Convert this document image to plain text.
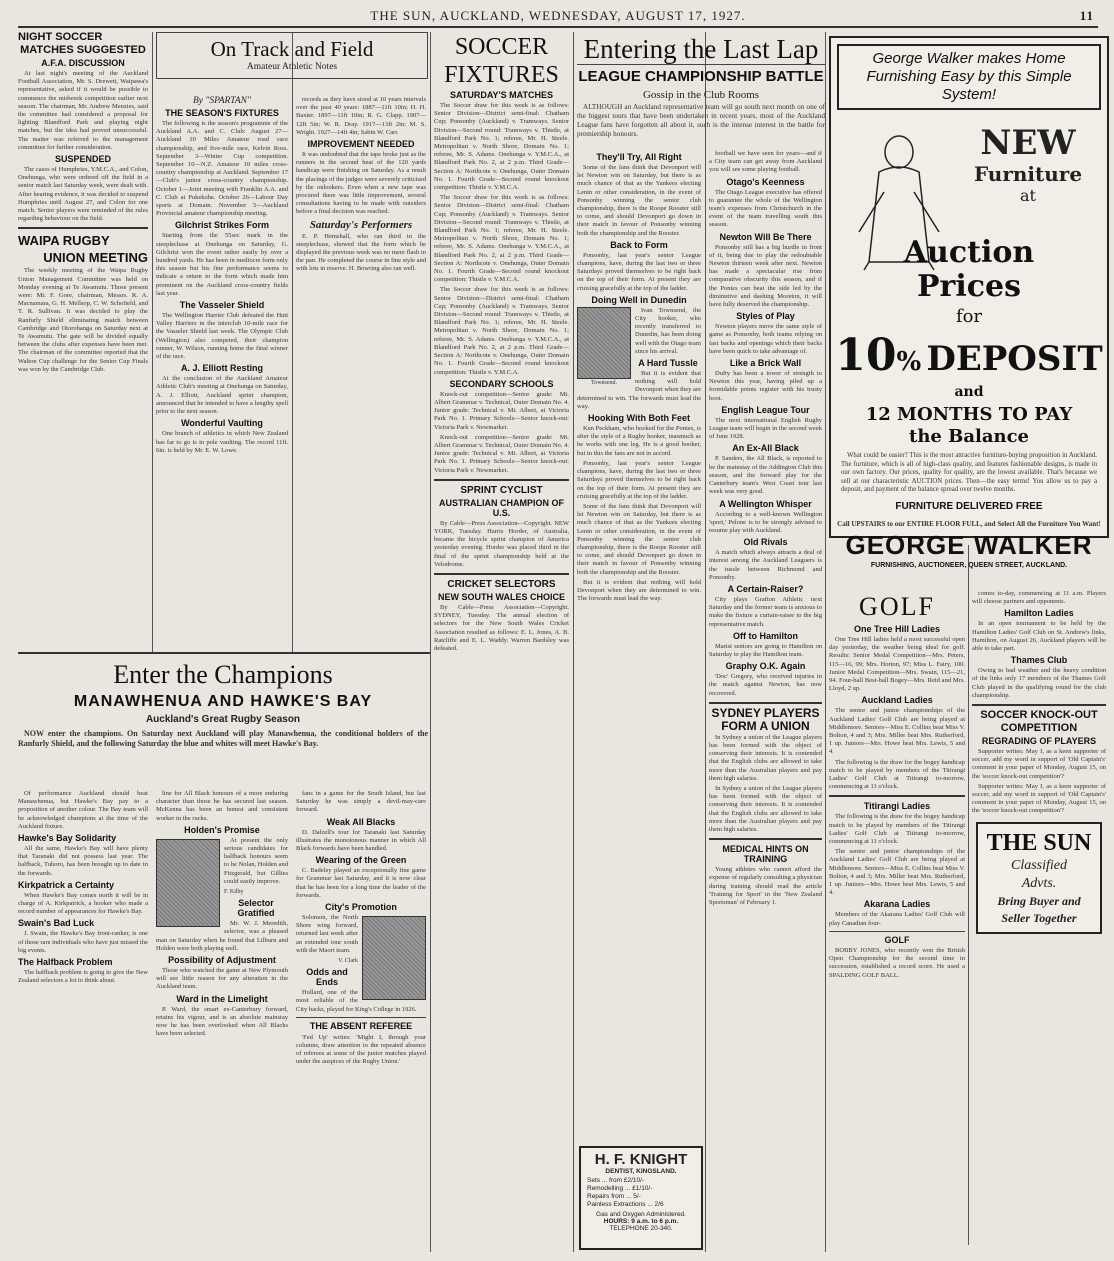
THE SUN, AUCKLAND, WEDNESDAY, AUGUST 17, 1927.	11
NIGHT SOCCER
MATCHES SUGGESTED
A.F.A. DISCUSSION

At last night's meeting of the Auckland Football Association, Mr. S. Drewett, Waipawa's representative, asked if it would be possible to commence the midweek competition earlier next season. The chairman, Mr. Andrew Menzies, said the committee had considered a proposal for lighting Blandford Park and playing night matches, but the idea had proved unsuccessful. The matter was referred to the management committee for further consideration.

SUSPENDED

The cases of Humphries, Y.M.C.A., and Colon, Onehunga, who were ordered off the field in a senior match last Saturday week, were dealt with. After hearing evidence, it was decided to suspend Humphries until August 27, and Colon for one match. Senior players were reminded of the rules regarding behaviour on the field.

WAIPA RUGBY
UNION MEETING

The weekly meeting of the Waipa Rugby Union Management Committee was held on Monday evening at Te Awamutu. Those present were: Mr. F. Gore, chairman, Messrs. R. A. Macnamara, G. H. Mellsop, C. W. Schofield, and T. R. Sullivan. It was decided to play the Ranfurly Shield eliminating match between Cambridge and Otorohanga on Saturday next at Te Awamutu. The gate will be divided equally between the clubs after expenses have been met. The chairman of the committee reported that the Walton Cup challenge for the Senior Cup Finals was won by the Cambridge Club.

On Track and Field
Amateur Athletic Notes
By "SPARTAN"
THE SEASON'S FIXTURES

The following is the season's programme of the Auckland A.A. and C. Club: August 27—Auckland 10 Miles Amateur road race championship, and five-mile race, Kelvin Ross. September 3—Winter Cup competition. September 10—N.Z. Amateur 10 miles cross-country championship at Auckland. September 17—Club's junior cross-country championship. October 1—Joint meeting with Franklin A.A. and C. Club at Pukekohe. October 26—Labour Day sports at Domain. November 5—Auckland Provincial amateur championship meeting.

Gilchrist Strikes Form

Starting from the 55sec mark in the steeplechase at Onehunga on Saturday, G. Gilchrist won the event rather easily by over a hundred yards. He has been in mediocre form only this season but his fine performance seems to indicate a return to the form which made him prominent on the Auckland cross-country fields last year.

The Vasseler Shield

The Wellington Harrier Club defeated the Hutt Valley Harriers in the interclub 10-mile race for the Vasseler Shield last week. The Olympic Club (Wellington) also competed, their champion runner, W. Wilson, running home the final winner of the race.

A. J. Elliott Resting

At the conclusion of the Auckland Amateur Athletic Club's meeting at Onehunga on Saturday, A. J. Elliott, Auckland sprint champion, announced that he intended to have a lengthy spell prior to the next season.

Wonderful Vaulting

One branch of athletics in which New Zealand has far to go is in pole vaulting. The record 11ft. 6in. is held by Mr. E. W. Lowe.

records as they have stood at 10 years intervals over the past 40 years: 1887—11ft 10in; H. H. Baxter. 1897—11ft 10in; R. G. Clapp. 1907—12ft 5in; W. R. Dray. 1917—13ft 2in; M. S. Wright. 1927—14ft 4in; Sabin W. Carr.

IMPROVEMENT NEEDED

It was undoubted that the tape broke just as the runners in the second heat of the 120 yards handicap were finishing on Saturday. As a result the placings of the judges were severely criticised by the onlookers. Even when a new tape was procured there was little improvement, several consultations having to be made with outsiders before a final decision was reached.

Saturday's Performers

E. P. Hemshall, who ran third in the steeplechase, showed that the form which he displayed the previous week was no mere flash in the pan. He completed the course in fine style and with lots in reserve. H. Bowring also ran well.

Enter the Champions
MANAWHENUA AND HAWKE'S BAY
Auckland's Great Rugby Season

NOW enter the champions. On Saturday next Auckland will play Manawhenua, the conditional holders of the Ranfurly Shield, and the following Saturday the blue and whites will meet Hawke's Bay.

Of performance Auckland should beat Manawhenua, but Hawke's Bay pay to a proposition of another colour. The Bay team will be acknowledged champions at the time of the Auckland fixture.

Hawke's Bay Solidarity

All the same, Hawke's Bay will have plenty that Taranaki did not possess last year. The halfback, Tuhoro, has been brought up to date in the forwards.

Kirkpatrick a Certainty

When Hawke's Bay comes north it will be in charge of A. Kirkpatrick, a hooker who made a record number of appearances for Hawke's Bay.

Swain's Bad Luck

J. Swain, the Hawke's Bay front-ranker, is one of those rare individuals who have just missed the big events.

The Halfback Problem

The halfback problem is going to give the New Zealand selectors a lot to think about.

line for All Black honours of a more enduring character than those he has secured last season. McKenna has been an honest and consistent worker in the rucks.

Holden's Promise

At present the only serious candidates for halfback honours seem to be Nolan, Holden and Fitzgerald, but Gillies could easily improve.

F. Kilby
Selector Gratified

Mr. W. J. Meredith, selector, was a pleased man on Saturday when he found that Lilburn and Holden were both playing well.

Possibility of Adjustment

Those who watched the game at New Plymouth will see little reason for any alteration in the Auckland team.

Ward in the Limelight

P. Ward, the smart ex-Canterbury forward, retains his vigour, and is an absolute mainstay now he has been overlooked when All Blacks have been selected.

fans in a game for the South Island, but last Saturday he was simply a devil-may-care forward.

Weak All Blacks

D. Dalzell's tour for Taranaki last Saturday illustrates the monotonous manner in which All Black forwards have been handled.

Wearing of the Green

C. Badeley played an exceptionally fine game for Grammar last Saturday, and it is now clear that he has been for a long time the leader of the forwards.

City's Promotion

Solomon, the North Shore wing forward, returned last week after an extended tour south with the Maori team.

V. Clark
Odds and Ends

Hollard, one of the most reliable of the City backs, played for King's College in 1926.

THE ABSENT REFEREE

'Fed Up' writes: 'Might I, through your columns, draw attention to the repeated absence of referees at some of the junior matches played under the auspices of the Rugby Union.'

SOCCER
FIXTURES
SATURDAY'S MATCHES

The Soccer draw for this week is as follows: Senior Division—District semi-final: Chatham Cup; Ponsonby (Auckland) v. Tramways. Senior Division—Second round: Tramways v. Thistle, at Blandford Park No. 1; referee, Mr. H. Steele. Metropolitan v. North Shore, Domain No. 1; referee, Mr. S. Adams. Onehunga v. Y.M.C.A., at Blandford Park No. 2, at 2 p.m. Third Grade—Section A: Northcote v. Onehunga, Outer Domain No. 1. Fourth Grade—Second round knockout competition: Thistle v. Y.M.C.A.

The Soccer draw for this week is as follows: Senior Division—District semi-final: Chatham Cup; Ponsonby (Auckland) v. Tramways. Senior Division—Second round: Tramways v. Thistle, at Blandford Park No. 1; referee, Mr. H. Steele. Metropolitan v. North Shore, Domain No. 1; referee, Mr. S. Adams. Onehunga v. Y.M.C.A., at Blandford Park No. 2, at 2 p.m. Third Grade—Section A: Northcote v. Onehunga, Outer Domain No. 1. Fourth Grade—Second round knockout competition: Thistle v. Y.M.C.A.

The Soccer draw for this week is as follows: Senior Division—District semi-final: Chatham Cup; Ponsonby (Auckland) v. Tramways. Senior Division—Second round: Tramways v. Thistle, at Blandford Park No. 1; referee, Mr. H. Steele. Metropolitan v. North Shore, Domain No. 1; referee, Mr. S. Adams. Onehunga v. Y.M.C.A., at Blandford Park No. 2, at 2 p.m. Third Grade—Section A: Northcote v. Onehunga, Outer Domain No. 1. Fourth Grade—Second round knockout competition: Thistle v. Y.M.C.A.

SECONDARY SCHOOLS

Knock-out competition—Senior grade: Mt. Albert Grammar v. Technical, Outer Domain No. 4. Junior grade: Technical v. Mt. Albert, at Victoria Park No. 1. Primary Schools—Senior knock-out: Victoria Park v. Newmarket.

Knock-out competition—Senior grade: Mt. Albert Grammar v. Technical, Outer Domain No. 4. Junior grade: Technical v. Mt. Albert, at Victoria Park No. 1. Primary Schools—Senior knock-out: Victoria Park v. Newmarket.

SPRINT CYCLIST
AUSTRALIAN CHAMPION OF U.S.

By Cable—Press Association—Copyright. NEW YORK, Tuesday. Harris Horder, of Australia, became the bicycle sprint champion of America yesterday evening. Horder was placed third in the final of the sprint championship held at the Velodrome.

CRICKET SELECTORS
NEW SOUTH WALES CHOICE

By Cable—Press Association—Copyright. SYDNEY, Tuesday. The annual election of selectors for the New South Wales Cricket Association resulted as follows: E. L. Jones, A. B. Ratcliffe and E. L. Waddy. Warren Bardsley was defeated.

Entering the Last Lap
LEAGUE CHAMPIONSHIP BATTLE
Gossip in the Club Rooms

ALTHOUGH an Auckland representative team will go south next month on one of the biggest tours that have been undertaken in recent years, most of the Auckland League fans have forgotten all about it, such is the intense interest in the battle for premiership honours.

They'll Try, All Right

Some of the fans think that Devonport will let Newton win on Saturday, but there is as much chance of that as the Yankees electing Lenin or other consideration, in the event of Ponsonby winning the senior club championship, there is the Roope Rooster still to come, and should Devonport go down in their match in favour of Ponsonby winning both the championship and the Rooster.

Back to Form

Ponsonby, last year's senior League champions, have, during the last two or three Saturdays proved themselves to be right back on the top of their form. At present they are cruising gracefully at the top of the ladder.

Doing Well in Dunedin
Townsend.

Ivan Townsend, the City hooker, who recently transferred to Dunedin, has been doing well with the Otago team since his arrival.

A Hard Tussle

But it is evident that nothing will hold Devonport when they are determined to win. The forwards must lead the way.

Hooking With Both Feet

Ken Peckham, who hooked for the Ponies, is after the style of a Rugby hooker, inasmuch as he works with one leg. He is a good hooker, but in this the fans are not in accord.

Ponsonby, last year's senior League champions, have, during the last two or three Saturdays proved themselves to be right back on the top of their form. At present they are cruising gracefully at the top of the ladder.

Some of the fans think that Devonport will let Newton win on Saturday, but there is as much chance of that as the Yankees electing Lenin or other consideration, in the event of Ponsonby winning the senior club championship, there is the Roope Rooster still to come, and should Devonport go down in their match in favour of Ponsonby winning both the championship and the Rooster.

But it is evident that nothing will hold Devonport when they are determined to win. The forwards must lead the way.

H. F. KNIGHT
DENTIST, KINGSLAND.
Sets ... from £2/10/-
Remodelling ... £1/10/-
Repairs from ... 5/-
Painless Extractions ... 2/6
Gas and Oxygen Administered.
HOURS: 9 a.m. to 6 p.m.
TELEPHONE 20-340.

football we have seen for years—and if a City team can get away from Auckland you will see some playing football.

Otago's Keenness

The Otago League executive has offered to guarantee the whole of the Wellington team's expenses from Christchurch in the event of the team travelling south this season.

Newton Will Be There

Ponsonby still has a big hurdle in front of it, being due to play the redoubtable Newton thirteen week after next. Newton has made a spectacular rise from comparative obscurity this season, and if the Ponies can beat the side led by the diminutive and dashing Moreton, it will have fully deserved the championship.

Styles of Play

Newton players move the same style of game as Ponsonby, both teams relying on fast backs and openings which their backs have been quick to take advantage of.

Like a Brick Wall

Dufty has been a tower of strength to Newton this year, having piled up a formidable points register with his trusty boot.

English League Tour

The next international English Rugby League team will begin in the second week of June 1928.

An Ex-All Black

P. Sanders, the All Black, is reported to be the mainstay of the Addington Club this season, and the forward play for the Canterbury team's West Coast tour last week was very good.

A Wellington Whisper

According to a well-known Wellington 'sport,' Pelone is to be strongly advised to resume play with Auckland.

Old Rivals

A match which always attracts a deal of interest among the Auckland Leaguers is the tussle between Richmond and Ponsonby.

A Certain-Raiser?

City plays Grafton Athletic next Saturday and the former team is anxious to make the fixture a curtain-raiser to the big representative match.

Off to Hamilton

Marist seniors are going to Hamilton on Saturday to play the Hamilton team.

Graphy O.K. Again

'Doc' Gregory, who received injuries in the match against Newton, has now recovered.

SYDNEY PLAYERS
FORM A UNION

In Sydney a union of the League players has been formed with the object of conserving their interests. It is contended that the English clubs are allowed to take more than the Australian players and pay them high salaries.

In Sydney a union of the League players has been formed with the object of conserving their interests. It is contended that the English clubs are allowed to take more than the Australian players and pay them high salaries.

MEDICAL HINTS ON TRAINING

Young athletes who cannot afford the expense of regularly consulting a physician during training should read the article 'Training for Sport' in the 'New Zealand Sportsman' of February 1.

George Walker makes Home Furnishing Easy by this Simple System!
NEW
Furniture
at
Auction
Prices
for
10% DEPOSIT
and
12 MONTHS TO PAY
the Balance

What could be easier? This is the most attractive furniture-buying proposition in Auckland. The furniture, which is all of high-class quality, and features fashionable designs, is made in our own factory. Our prices, quality for quality, are the lowest available. That's because we sell at our characteristic AUCTION prices. Then—the easy terms! You allow us to pay a deposit, and payment of the balance spread over twelve months.

FURNITURE DELIVERED FREE
Call UPSTAIRS to our ENTIRE FLOOR FULL, and Select All the Furniture You Want!
GEORGE WALKER
FURNISHING, AUCTIONEER, QUEEN STREET, AUCKLAND.
GOLF
One Tree Hill Ladies

One Tree Hill ladies held a most successful open day yesterday, the weather being ideal for golf. Results: Senior Medal Competition—Mrs. Peters, 115—16, 99; Mrs. Horton, 97; Miss L. Fairy, 100. Junior Medal Competition—Mrs. Swain, 115—21, 94. Four-ball Best-ball Bogey—Mrs. Reid and Mrs. Lloyd, 2 up.

Auckland Ladies

The senior and junior championships of the Auckland Ladies' Golf Club are being played at Middlemore. Seniors—Miss E. Collins beat Miss V. Bolton, 4 and 3; Mrs. Miller beat Mrs. Rutherford, 1 up. Juniors—Mrs. Howe beat Mrs. Lewis, 5 and 4.

The following is the draw for the bogey handicap match to be played by members of the Titirangi Ladies' Golf Club at Titirangi to-morrow, commencing at 11 o'clock.

Titirangi Ladies

The following is the draw for the bogey handicap match to be played by members of the Titirangi Ladies' Golf Club at Titirangi to-morrow, commencing at 11 o'clock.

The senior and junior championships of the Auckland Ladies' Golf Club are being played at Middlemore. Seniors—Miss E. Collins beat Miss V. Bolton, 4 and 3; Mrs. Miller beat Mrs. Rutherford, 1 up. Juniors—Mrs. Howe beat Mrs. Lewis, 5 and 4.

Akarana Ladies

Members of the Akarana Ladies' Golf Club will play Canadian four-

GOLF

BOBBY JONES, who recently won the British Open Championship for the second time in succession, established a record score. He used a SPALDING GOLF BALL.

comes to-day, commencing at 11 a.m. Players will choose partners and opponents.

Hamilton Ladies

In an open tournament to be held by the Hamilton Ladies' Golf Club on St. Andrew's links, Hamilton, on August 26, Auckland players will be able to take part.

Thames Club

Owing to bad weather and the heavy condition of the links only 17 members of the Thames Golf Club played in the qualifying round for the club championship.

SOCCER KNOCK-OUT
COMPETITION
REGRADING OF PLAYERS

Supporter writes: May I, as a keen supporter of soccer, add my word in support of 'Old Captain's' comment in your paper of Monday, August 15, on the 'soccer knock-out competition'?

Supporter writes: May I, as a keen supporter of soccer, add my word in support of 'Old Captain's' comment in your paper of Monday, August 15, on the 'soccer knock-out competition'?

THE SUN
Classified
Advts.
Bring Buyer and
Seller Together
